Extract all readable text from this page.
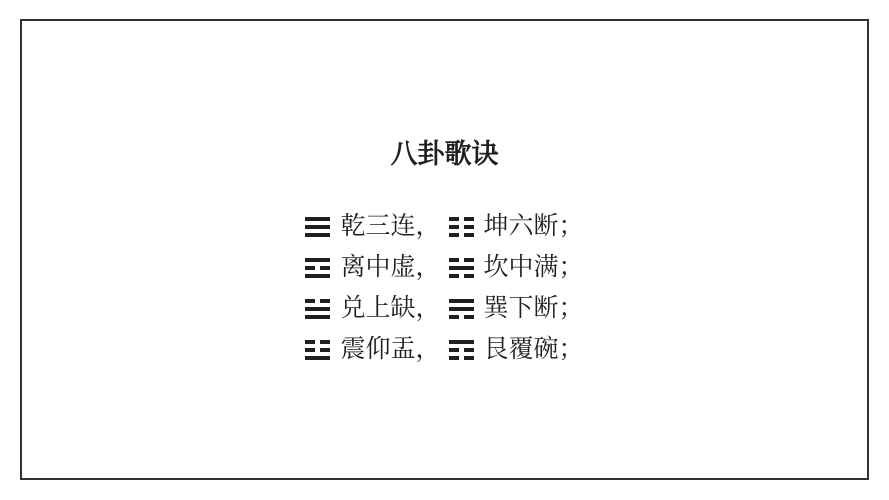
八卦歌诀
乾三连， 坤六断；
离中虚， 坎中满；
兑上缺， 巽下断；
震仰盂， 艮覆碗；
